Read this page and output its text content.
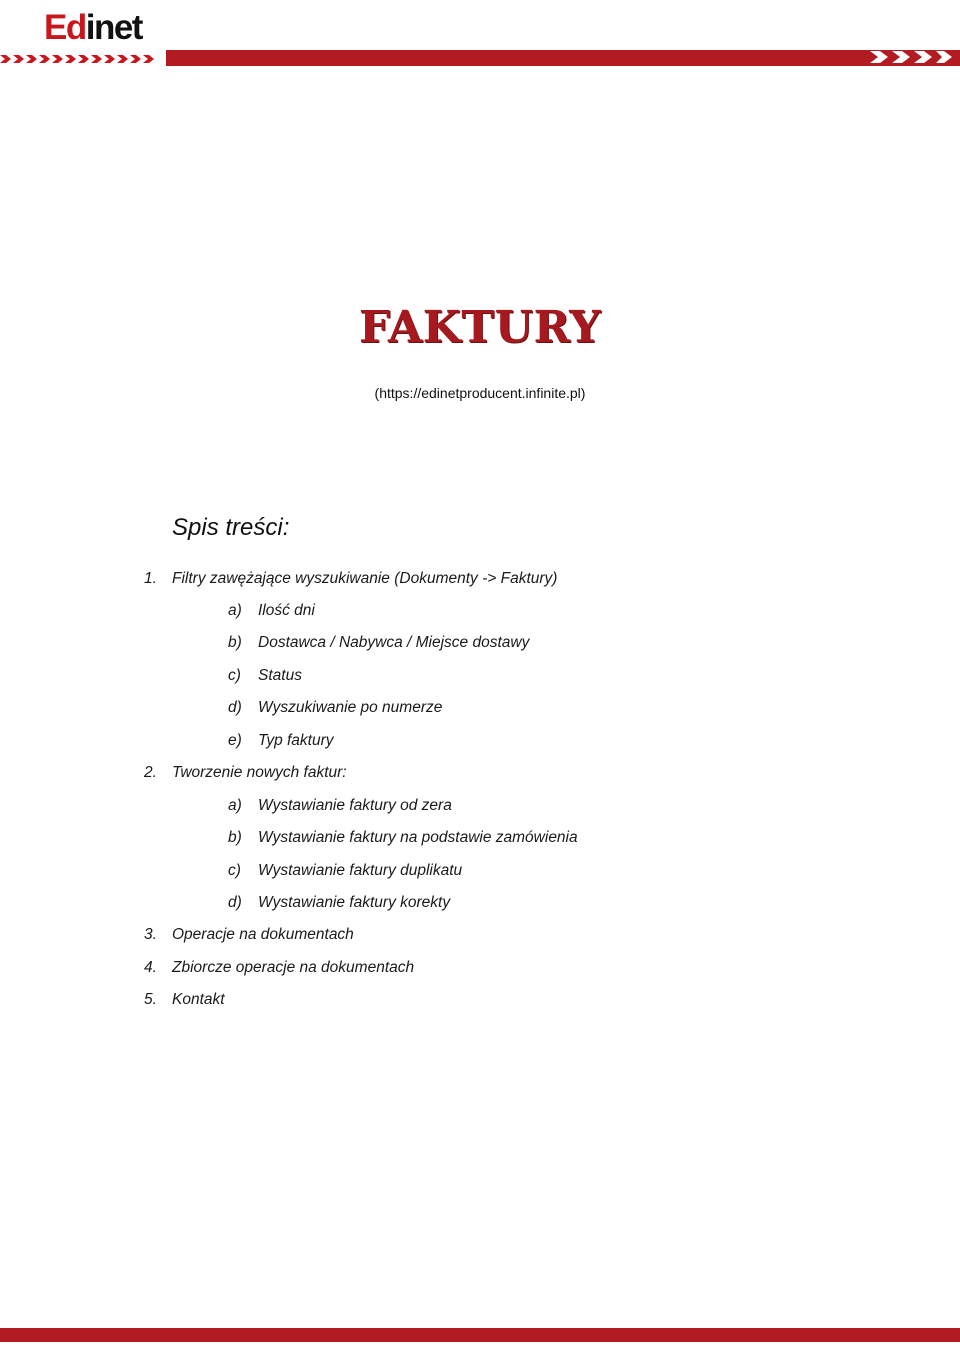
Edinet
FAKTURY
(https://edinetproducent.infinite.pl)
Spis treści:
1. Filtry zawężające wyszukiwanie (Dokumenty -> Faktury)
a) Ilość dni
b) Dostawca / Nabywca / Miejsce dostawy
c) Status
d) Wyszukiwanie po numerze
e) Typ faktury
2. Tworzenie nowych faktur:
a) Wystawianie faktury od zera
b) Wystawianie faktury na podstawie zamówienia
c) Wystawianie faktury duplikatu
d) Wystawianie faktury korekty
3. Operacje na dokumentach
4. Zbiorcze operacje na dokumentach
5. Kontakt
